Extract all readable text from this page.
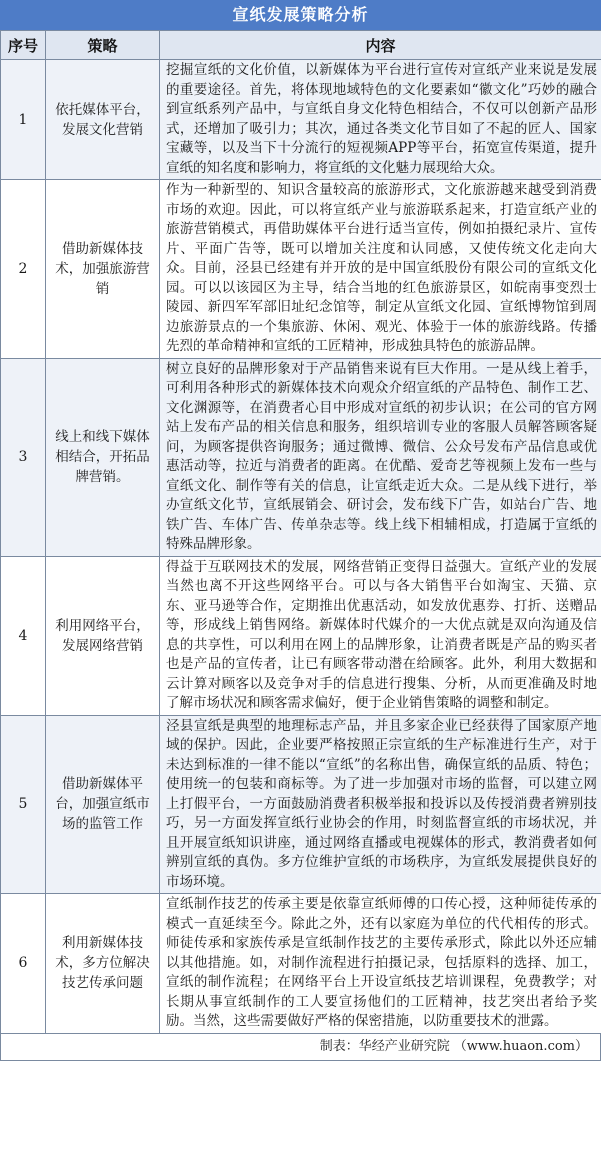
宣纸发展策略分析
序号	策略	内容
1	依托媒体平台，发展文化营销	挖掘宣纸的文化价值，以新媒体为平台进行宣传对宣纸产业来说是发展的重要途径。首先，将体现地域特色的文化要素如“徽文化”巧妙的融合到宣纸系列产品中，与宣纸自身文化特色相结合，不仅可以创新产品形式，还增加了吸引力；其次，通过各类文化节目如了不起的匠人、国家宝藏等，以及当下十分流行的短视频APP等平台，拓宽宣传渠道，提升宣纸的知名度和影响力，将宣纸的文化魅力展现给大众。
2	借助新媒体技术，加强旅游营销	作为一种新型的、知识含量较高的旅游形式，文化旅游越来越受到消费市场的欢迎。因此，可以将宣纸产业与旅游联系起来，打造宣纸产业的旅游营销模式，再借助媒体平台进行适当宣传，例如拍摄纪录片、宣传片、平面广告等，既可以增加关注度和认同感，又使传统文化走向大众。目前，泾县已经建有并开放的是中国宣纸股份有限公司的宣纸文化园。可以以该园区为主导，结合当地的红色旅游景区，如皖南事变烈士陵园、新四军军部旧址纪念馆等，制定从宣纸文化园、宣纸博物馆到周边旅游景点的一个集旅游、休闲、观光、体验于一体的旅游线路。传播先烈的革命精神和宣纸的工匠精神，形成独具特色的旅游品牌。
3	线上和线下媒体相结合，开拓品牌营销。	树立良好的品牌形象对于产品销售来说有巨大作用。一是从线上着手，可利用各种形式的新媒体技术向观众介绍宣纸的产品特色、制作工艺、文化渊源等，在消费者心目中形成对宣纸的初步认识；在公司的官方网站上发布产品的相关信息和服务，组织培训专业的客服人员解答顾客疑问，为顾客提供咨询服务；通过微博、微信、公众号发布产品信息或优惠活动等，拉近与消费者的距离。在优酷、爱奇艺等视频上发布一些与宣纸文化、制作等有关的信息，让宣纸走近大众。二是从线下进行，举办宣纸文化节，宣纸展销会、研讨会，发布线下广告，如站台广告、地铁广告、车体广告、传单杂志等。线上线下相辅相成，打造属于宣纸的特殊品牌形象。
4	利用网络平台，发展网络营销	得益于互联网技术的发展，网络营销正变得日益强大。宣纸产业的发展当然也离不开这些网络平台。可以与各大销售平台如淘宝、天猫、京东、亚马逊等合作，定期推出优惠活动，如发放优惠券、打折、送赠品等，形成线上销售网络。新媒体时代媒介的一大优点就是双向沟通及信息的共享性，可以利用在网上的品牌形象，让消费者既是产品的购买者也是产品的宣传者，让已有顾客带动潜在给顾客。此外，利用大数据和云计算对顾客以及竞争对手的信息进行搜集、分析，从而更准确及时地了解市场状况和顾客需求偏好，便于企业销售策略的调整和制定。
5	借助新媒体平台，加强宣纸市场的监管工作	泾县宣纸是典型的地理标志产品，并且多家企业已经获得了国家原产地域的保护。因此，企业要严格按照正宗宣纸的生产标准进行生产，对于未达到标准的一律不能以“宣纸”的名称出售，确保宣纸的品质、特色；使用统一的包装和商标等。为了进一步加强对市场的监督，可以建立网上打假平台，一方面鼓励消费者积极举报和投诉以及传授消费者辨别技巧，另一方面发挥宣纸行业协会的作用，时刻监督宣纸的市场状况，并且开展宣纸知识讲座，通过网络直播或电视媒体的形式，教消费者如何辨别宣纸的真伪。多方位维护宣纸的市场秩序，为宣纸发展提供良好的市场环境。
6	利用新媒体技术，多方位解决技艺传承问题	宣纸制作技艺的传承主要是依靠宣纸师傅的口传心授，这种师徒传承的模式一直延续至今。除此之外，还有以家庭为单位的代代相传的形式。师徒传承和家族传承是宣纸制作技艺的主要传承形式，除此以外还应辅以其他措施。如，对制作流程进行拍摄记录，包括原料的选择、加工，宣纸的制作流程；在网络平台上开设宣纸技艺培训课程，免费教学；对长期从事宣纸制作的工人要宣扬他们的工匠精神，技艺突出者给予奖励。当然，这些需要做好严格的保密措施，以防重要技术的泄露。
制表：华经产业研究院 （www.huaon.com）
